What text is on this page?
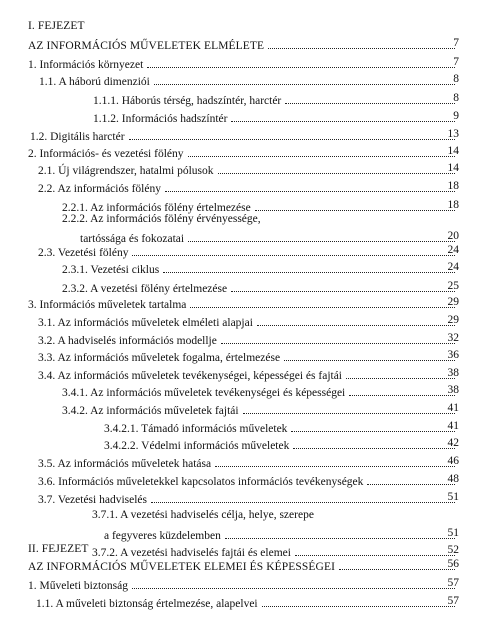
I. FEJEZET
AZ INFORMÁCIÓS MŰVELETEK ELMÉLETE	7
1. Információs környezet	7
1.1. A háború dimenziói	8
1.1.1. Háborús térség, hadszíntér, harctér	8
1.1.2. Információs hadszíntér	9
1.2. Digitális harctér	13
2. Információs- és vezetési fölény	14
2.1. Új világrendszer, hatalmi pólusok	14
2.2. Az információs fölény	18
2.2.1. Az információs fölény értelmezése	18
2.2.2. Az információs fölény érvényessége,
tartóssága és fokozatai	20
2.3. Vezetési fölény	24
2.3.1. Vezetési ciklus	24
2.3.2. A vezetési fölény értelmezése	25
3. Információs műveletek tartalma	29
3.1. Az információs műveletek elméleti alapjai	29
3.2. A hadviselés információs modellje	32
3.3. Az információs műveletek fogalma, értelmezése	36
3.4. Az információs műveletek tevékenységei, képességei és fajtái	38
3.4.1. Az információs műveletek tevékenységei és képességei	38
3.4.2. Az információs műveletek fajtái	41
3.4.2.1. Támadó információs műveletek	41
3.4.2.2. Védelmi információs műveletek	42
3.5. Az információs műveletek hatása	46
3.6. Információs műveletekkel kapcsolatos információs tevékenységek	48
3.7. Vezetési hadviselés	51
3.7.1. A vezetési hadviselés célja, helye, szerepe
a fegyveres küzdelemben	51
3.7.2. A vezetési hadviselés fajtái és elemei	52
II. FEJEZET
AZ INFORMÁCIÓS MŰVELETEK ELEMEI ÉS KÉPESSÉGEI	56
1. Műveleti biztonság	57
1.1. A műveleti biztonság értelmezése, alapelvei	57
